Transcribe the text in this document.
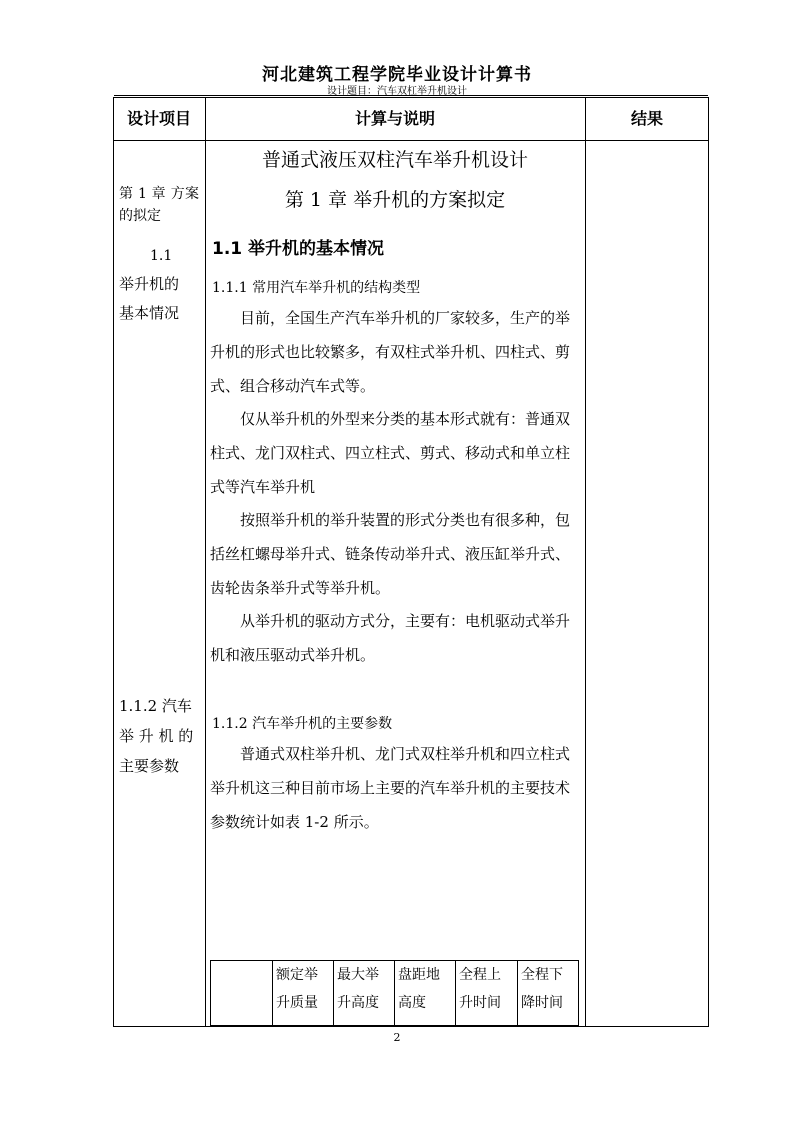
河北建筑工程学院毕业设计计算书
设计题目：汽车双杠举升机设计
设计项目	计算与说明	结果
第 1 章 方案的拟定
1.1
举升机的
基本情况
1.1.2 汽车
举 升 机 的
主要参数
普通式液压双柱汽车举升机设计
第 1 章 举升机的方案拟定
1.1 举升机的基本情况
1.1.1 常用汽车举升机的结构类型
目前，全国生产汽车举升机的厂家较多，生产的举升机的形式也比较繁多，有双柱式举升机、四柱式、剪式、组合移动汽车式等。
仅从举升机的外型来分类的基本形式就有：普通双柱式、龙门双柱式、四立柱式、剪式、移动式和单立柱式等汽车举升机
按照举升机的举升装置的形式分类也有很多种，包括丝杠螺母举升式、链条传动举升式、液压缸举升式、齿轮齿条举升式等举升机。
从举升机的驱动方式分，主要有：电机驱动式举升机和液压驱动式举升机。
1.1.2 汽车举升机的主要参数
普通式双柱举升机、龙门式双柱举升机和四立柱式举升机这三种目前市场上主要的汽车举升机的主要技术参数统计如表 1-2 所示。
	额定举升质量	最大举升高度	盘距地高度	全程上升时间	全程下降时间
2
